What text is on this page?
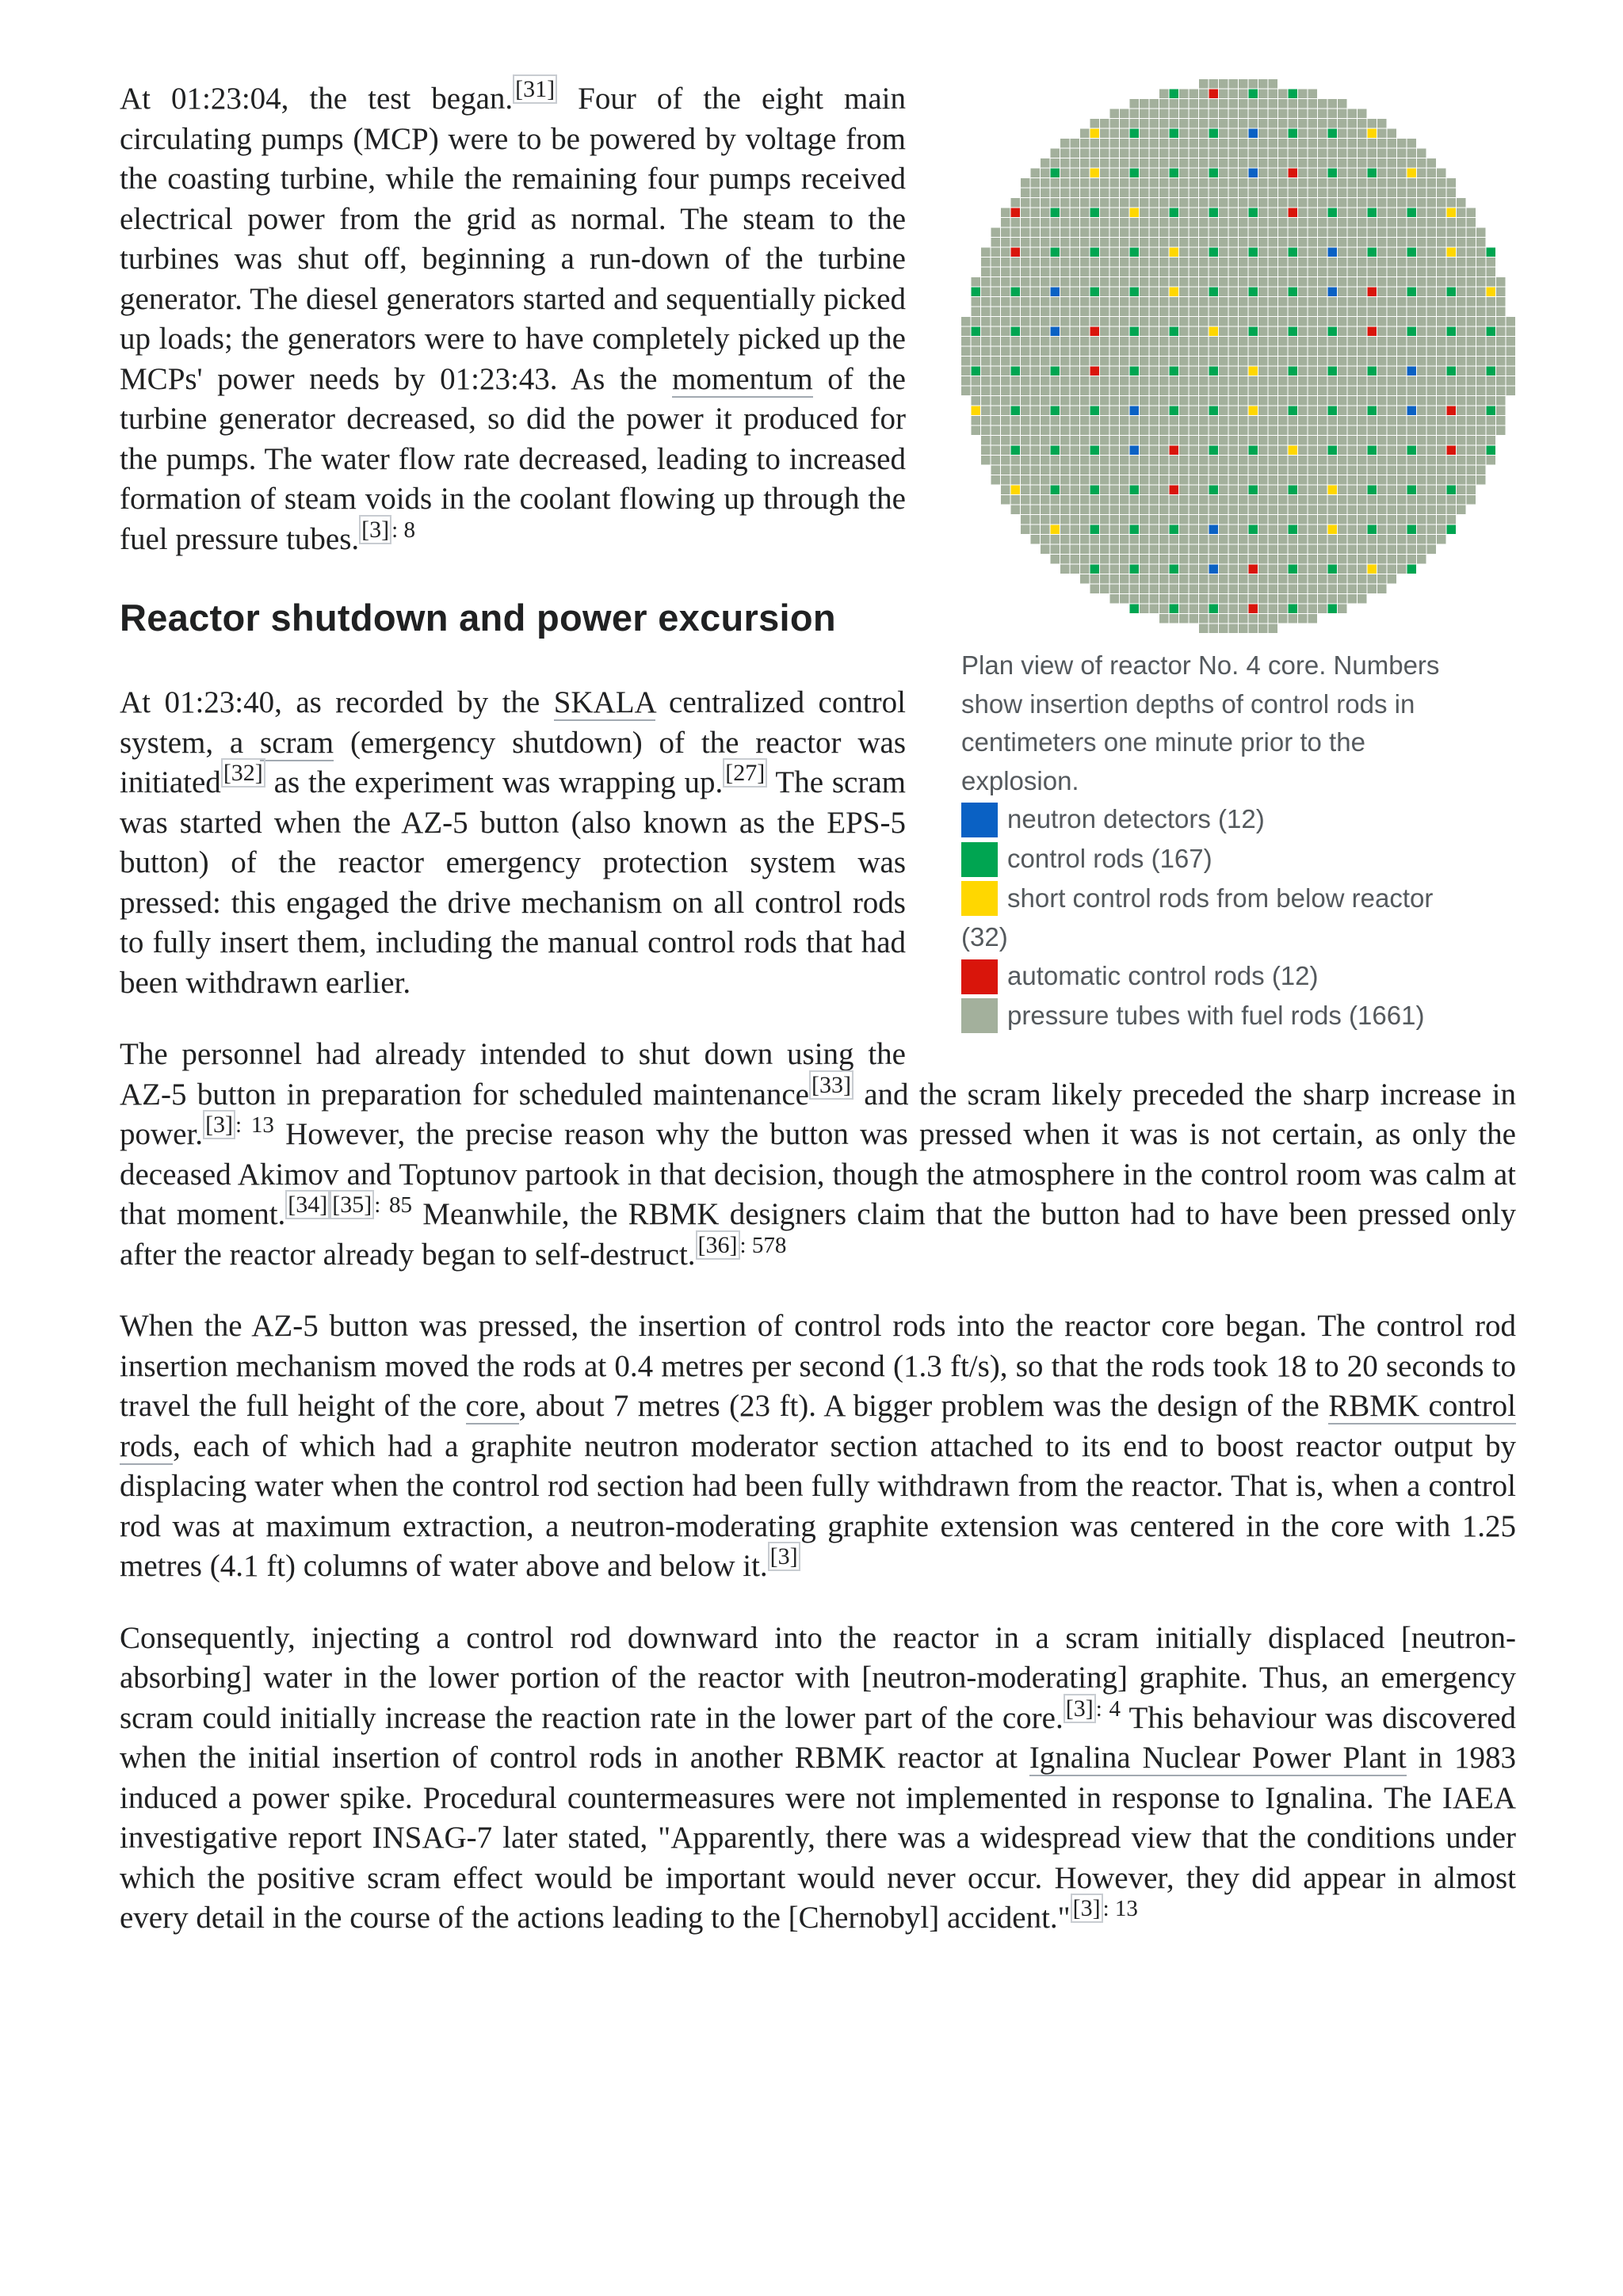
Plan view of reactor No. 4 core. Numbers show insertion depths of control rods in centimeters one minute prior to the explosion.
neutron detectors (12)
control rods (167)
short control rods from below reactor (32)
automatic control rods (12)
pressure tubes with fuel rods (1661)

At 01:23:04, the test began. [31] Four of the eight main circulating pumps (MCP) were to be powered by voltage from the coasting turbine, while the remaining four pumps received electrical power from the grid as normal. The steam to the turbines was shut off, beginning a run-down of the turbine generator. The diesel generators started and sequentially picked up loads; the generators were to have completely picked up the MCPs' power needs by 01:23:43. As the momentum of the turbine generator decreased, so did the power it produced for the pumps. The water flow rate decreased, leading to increased formation of steam voids in the coolant flowing up through the fuel pressure tubes. $^{[3] : 8}$

Reactor shutdown and power excursion

At 01:23:40, as recorded by the SKALA centralized control system, a scram (emergency shutdown) of the reactor was initiated [32] as the experiment was wrapping up. [27] The scram was started when the AZ-5 button (also known as the EPS-5 button) of the reactor emergency protection system was pressed: this engaged the drive mechanism on all control rods to fully insert them, including the manual control rods that had been withdrawn earlier.

The personnel had already intended to shut down using the AZ-5 button in preparation for scheduled maintenance [33] and the scram likely preceded the sharp increase in power. $^{[3] : 13}$ However, the precise reason why the button was pressed when it was is not certain, as only the deceased Akimov and Toptunov partook in that decision, though the atmosphere in the control room was calm at that moment. $^{[34] [35] : 85}$ Meanwhile, the RBMK designers claim that the button had to have been pressed only after the reactor already began to self-destruct. $^{[36] : 578}$

When the AZ-5 button was pressed, the insertion of control rods into the reactor core began. The control rod insertion mechanism moved the rods at 0.4 metres per second (1.3 ft/s), so that the rods took 18 to 20 seconds to travel the full height of the core, about 7 metres (23 ft). A bigger problem was the design of the RBMK control rods, each of which had a graphite neutron moderator section attached to its end to boost reactor output by displacing water when the control rod section had been fully withdrawn from the reactor. That is, when a control rod was at maximum extraction, a neutron-moderating graphite extension was centered in the core with 1.25 metres (4.1 ft) columns of water above and below it. [3]

Consequently, injecting a control rod downward into the reactor in a scram initially displaced [neutron-absorbing] water in the lower portion of the reactor with [neutron-moderating] graphite. Thus, an emergency scram could initially increase the reaction rate in the lower part of the core. $^{[3] : 4}$ This behaviour was discovered when the initial insertion of control rods in another RBMK reactor at Ignalina Nuclear Power Plant in 1983 induced a power spike. Procedural countermeasures were not implemented in response to Ignalina. The IAEA investigative report INSAG-7 later stated, "Apparently, there was a widespread view that the conditions under which the positive scram effect would be important would never occur. However, they did appear in almost every detail in the course of the actions leading to the [Chernobyl] accident." $^{[3] : 13}$
